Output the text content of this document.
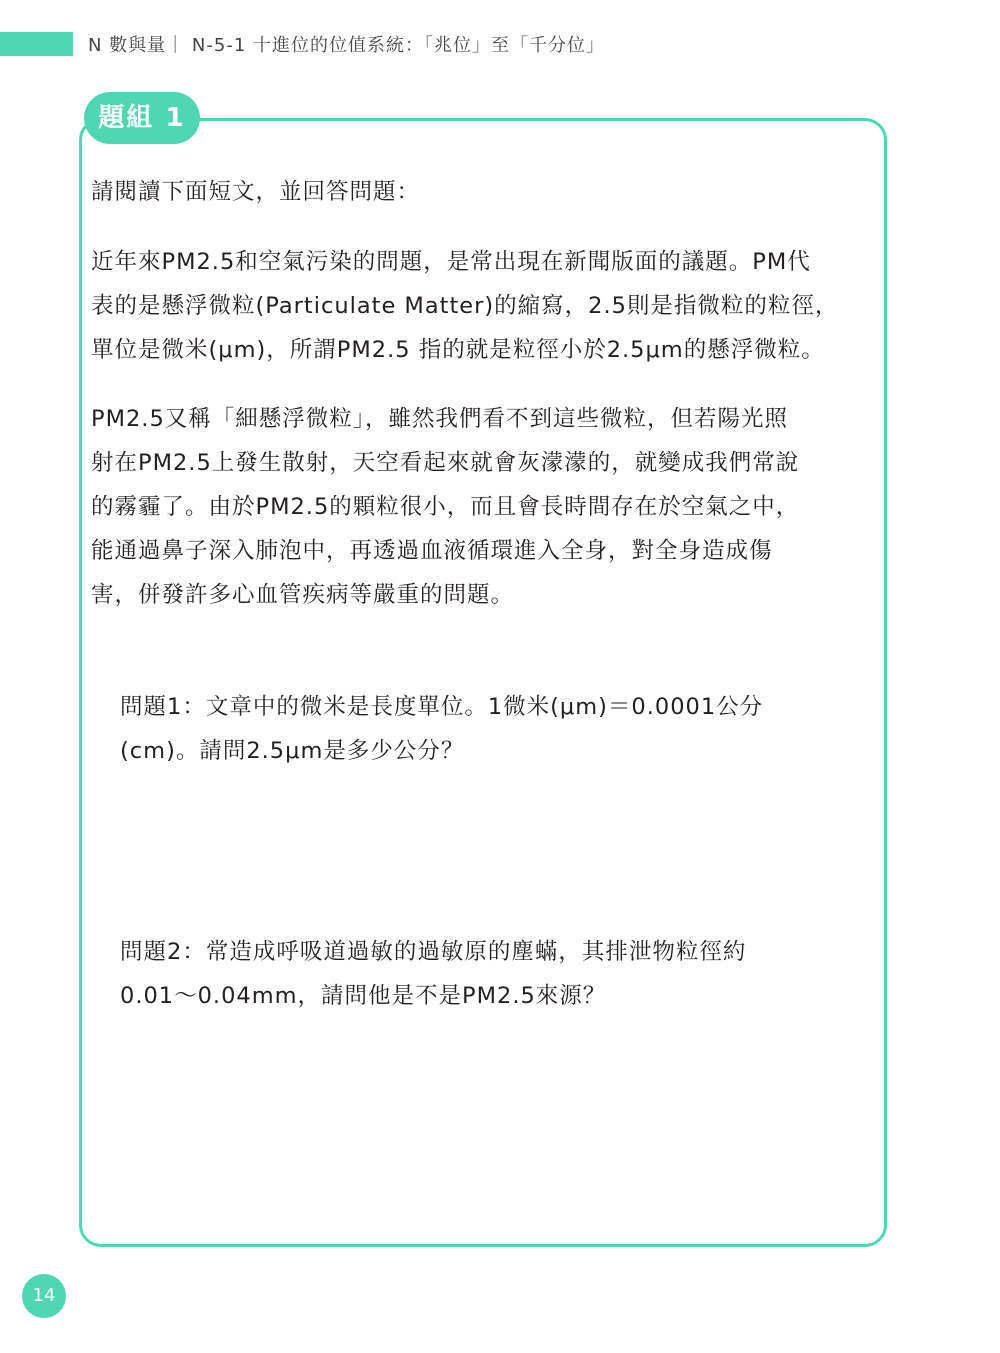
N 數與量｜ N-5-1 十進位的位值系統：「兆位」至「千分位」
題組 1
請閱讀下面短文，並回答問題：
近年來PM2.5和空氣污染的問題，是常出現在新聞版面的議題。PM代
表的是懸浮微粒(Particulate Matter)的縮寫，2.5則是指微粒的粒徑，
單位是微米(μm)，所謂PM2.5 指的就是粒徑小於2.5μm的懸浮微粒。
PM2.5又稱「細懸浮微粒」，雖然我們看不到這些微粒，但若陽光照
射在PM2.5上發生散射，天空看起來就會灰濛濛的，就變成我們常說
的霧霾了。由於PM2.5的顆粒很小，而且會長時間存在於空氣之中，
能通過鼻子深入肺泡中，再透過血液循環進入全身，對全身造成傷
害，併發許多心血管疾病等嚴重的問題。
問題1：文章中的微米是長度單位。1微米(μm)＝0.0001公分
(cm)。請問2.5μm是多少公分？
問題2：常造成呼吸道過敏的過敏原的塵蟎，其排泄物粒徑約
0.01～0.04mm，請問他是不是PM2.5來源？
14
